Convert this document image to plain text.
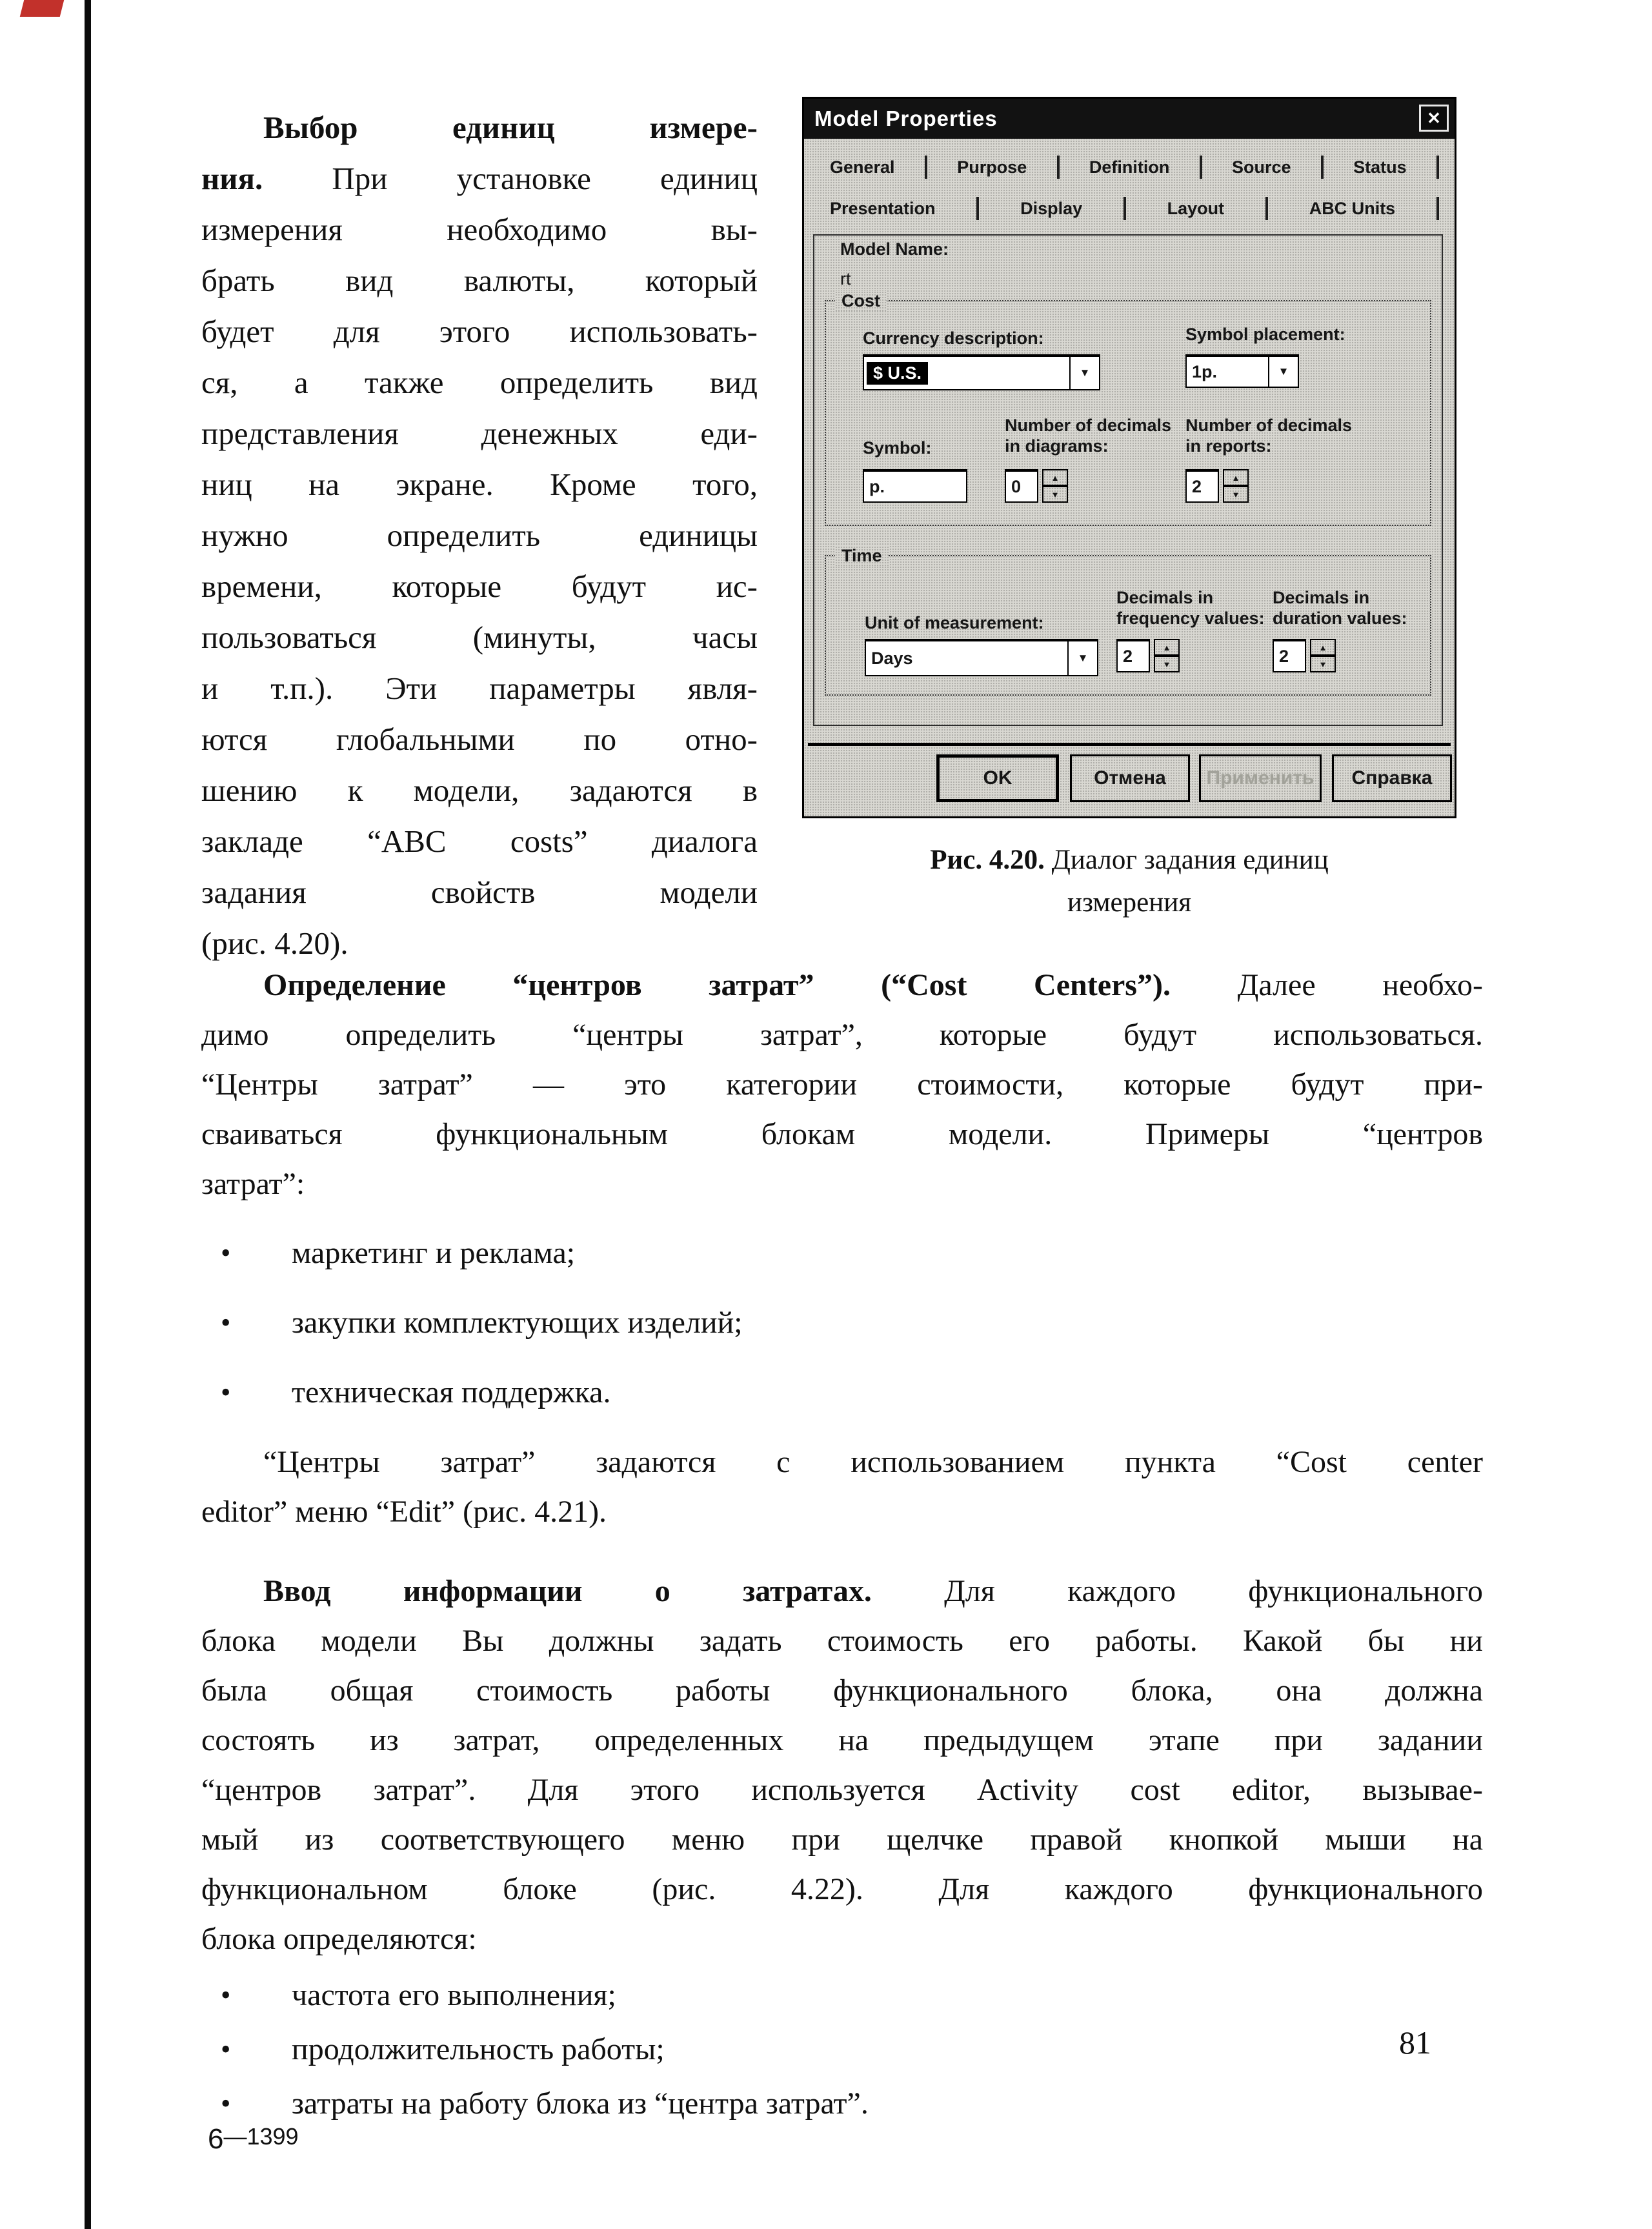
Выбор единиц измере-
ния. При установке единиц
измерения необходимо вы-
брать вид валюты, который
будет для этого использовать-
ся, а также определить вид
представления денежных еди-
ниц на экране. Кроме того,
нужно определить единицы
времени, которые будут ис-
пользоваться (минуты, часы
и т.п.). Эти параметры явля-
ются глобальными по отно-
шению к модели, задаются в
закладе “ABC costs” диалога
задания свойств модели
(рис. 4.20).
Model Properties	✕
General	Purpose	Definition	Source	Status
Presentation	Display	Layout	ABC Units
Model Name:
rt
Cost
Currency description:
$ U.S.	▼
Symbol placement:
1p.	▼
Symbol:
p.
Number of decimals in diagrams:
0	▲
▼
Number of decimals in reports:
2	▲
▼
Time
Unit of measurement:
Days	▼
Decimals in frequency values:
2	▲
▼
Decimals in duration values:
2	▲
▼
OK	Отмена	Применить	Справка
Рис. 4.20. Диалог задания единиц
измерения
Определение “центров затрат” (“Cost Centers”). Далее необхо-
димо определить “центры затрат”, которые будут использоваться.
“Центры затрат” — это категории стоимости, которые будут при-
сваиваться функциональным блокам модели. Примеры “центров
затрат”:
• маркетинг и реклама;
• закупки комплектующих изделий;
• техническая поддержка.
“Центры затрат” задаются с использованием пункта “Cost center
editor” меню “Edit” (рис. 4.21).
Ввод информации о затратах. Для каждого функционального
блока модели Вы должны задать стоимость его работы. Какой бы ни
была общая стоимость работы функционального блока, она должна
состоять из затрат, определенных на предыдущем этапе при задании
“центров затрат”. Для этого используется Activity cost editor, вызывае-
мый из соответствующего меню при щелчке правой кнопкой мыши на
функциональном блоке (рис. 4.22). Для каждого функционального
блока определяются:
• частота его выполнения;
• продолжительность работы;
• затраты на работу блока из “центра затрат”.
81
6—1399
